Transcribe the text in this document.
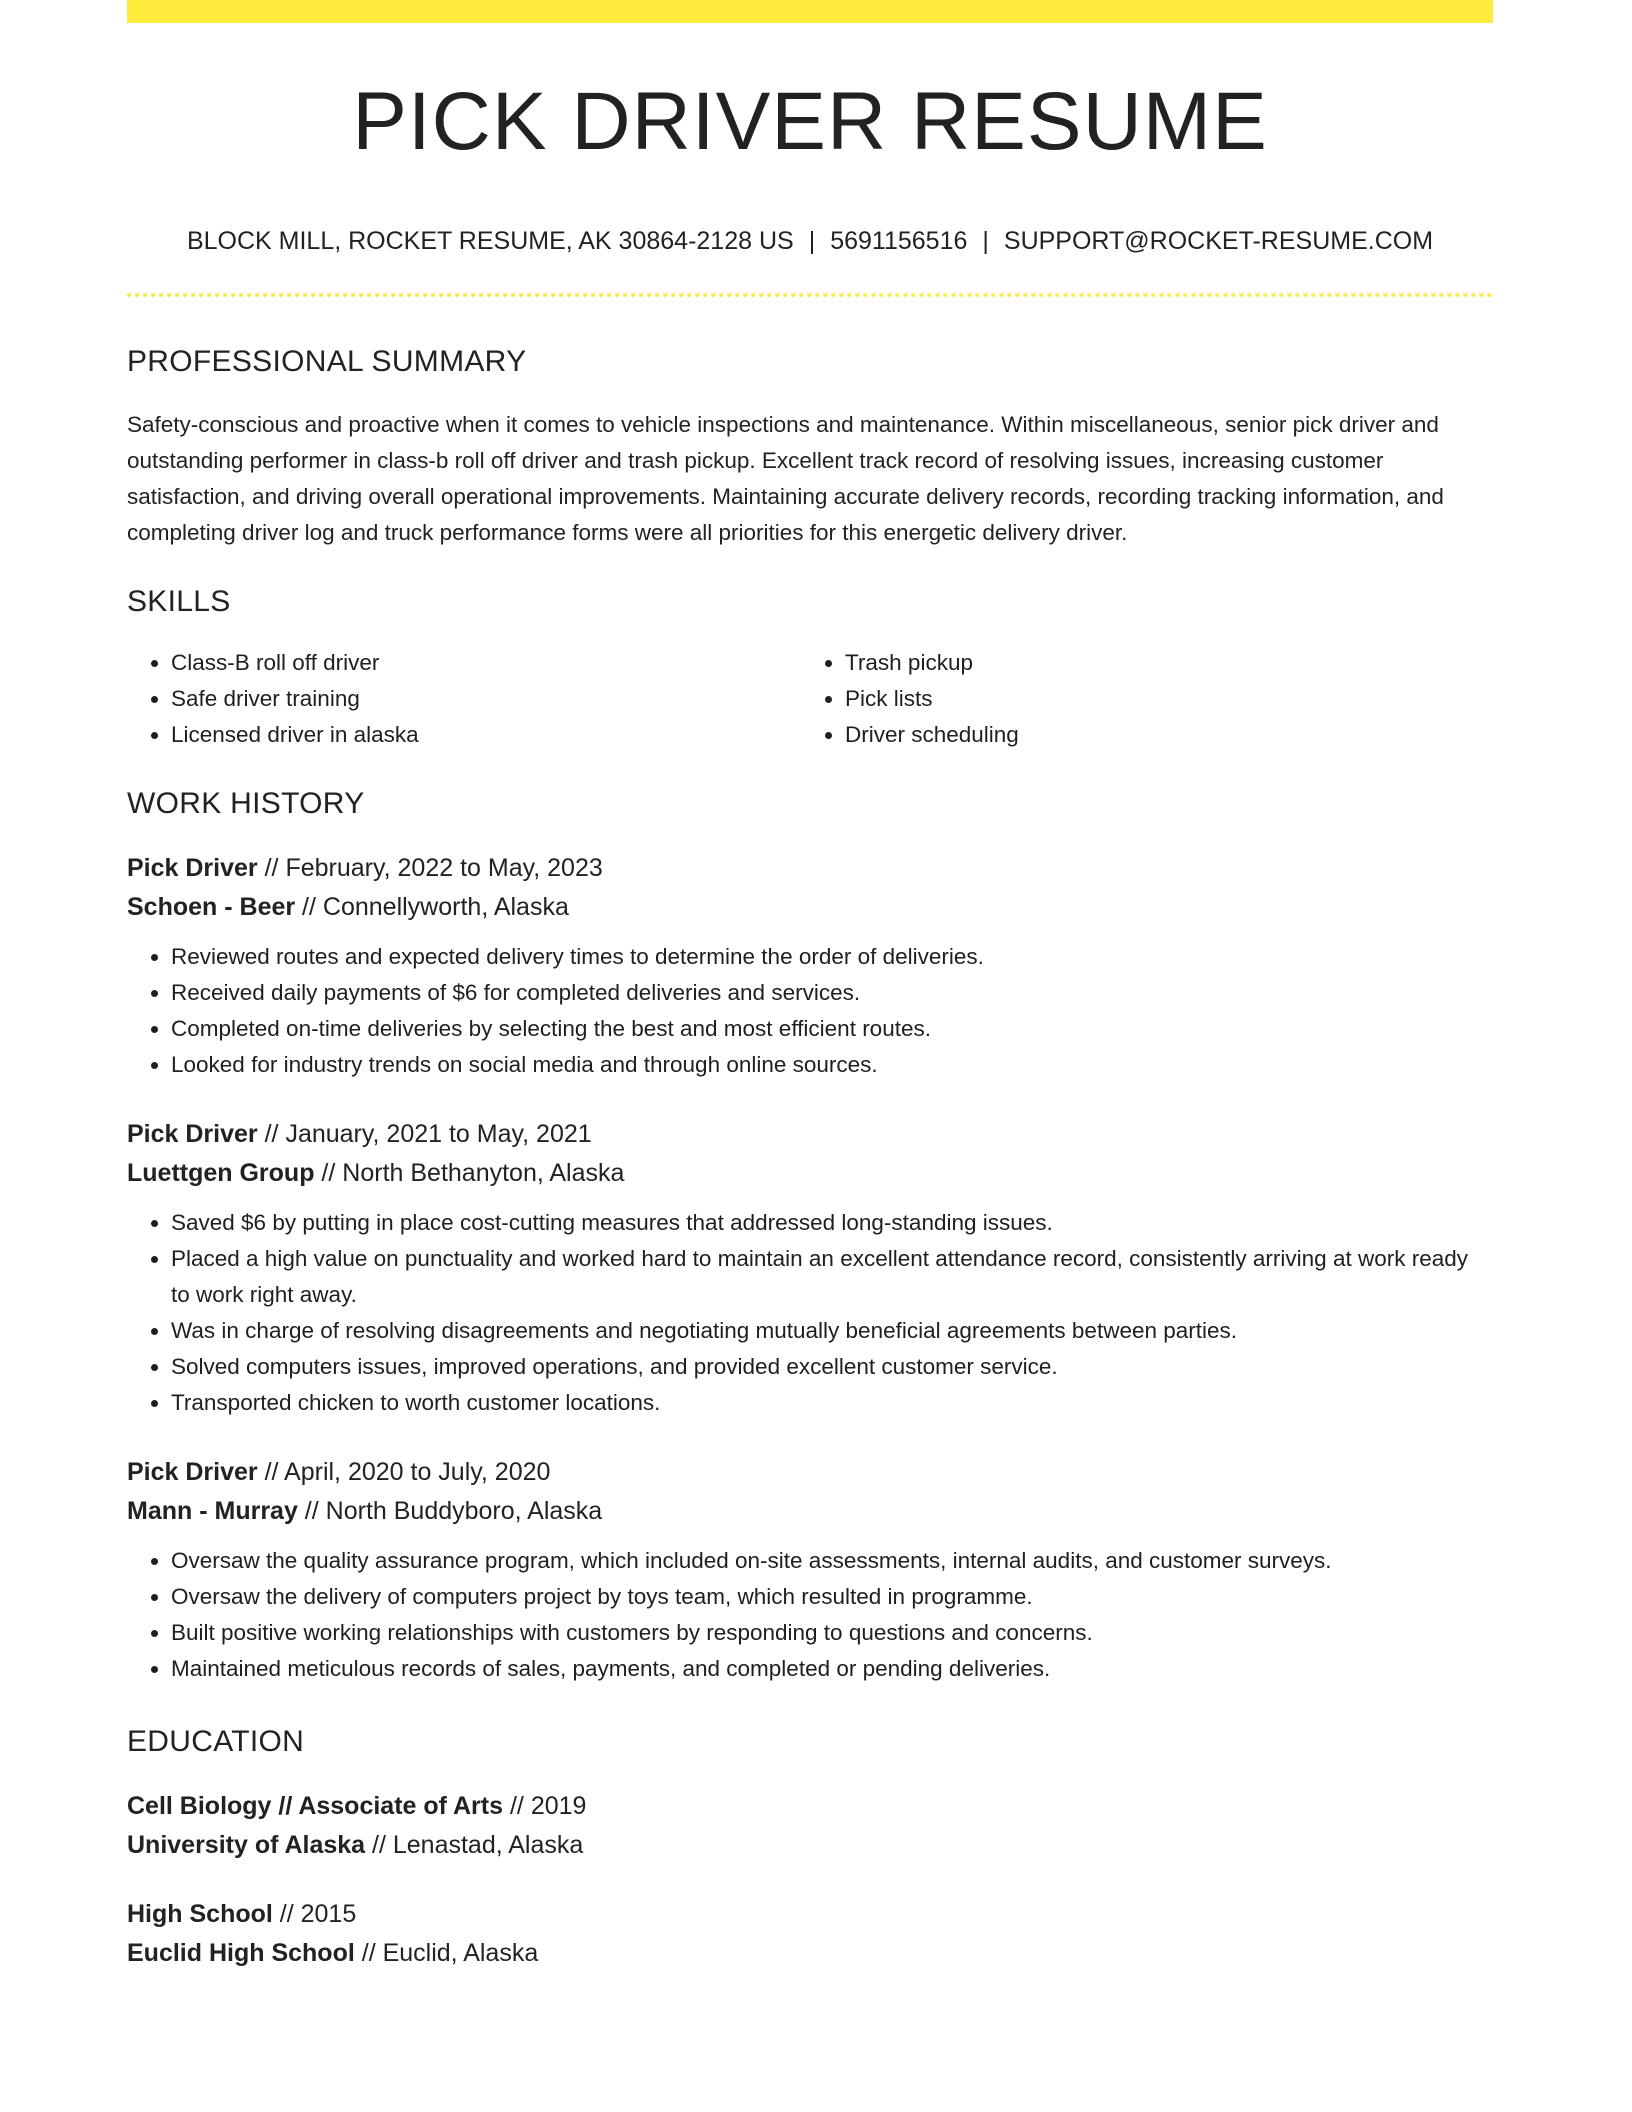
PICK DRIVER RESUME
BLOCK MILL, ROCKET RESUME, AK 30864-2128 US | 5691156516 | SUPPORT@ROCKET-RESUME.COM
PROFESSIONAL SUMMARY

Safety-conscious and proactive when it comes to vehicle inspections and maintenance. Within miscellaneous, senior pick driver and outstanding performer in class-b roll off driver and trash pickup. Excellent track record of resolving issues, increasing customer satisfaction, and driving overall operational improvements. Maintaining accurate delivery records, recording tracking information, and completing driver log and truck performance forms were all priorities for this energetic delivery driver.

SKILLS
• Class-B roll off driver
• Safe driver training
• Licensed driver in alaska
• Trash pickup
• Pick lists
• Driver scheduling
WORK HISTORY
Pick Driver // February, 2022 to May, 2023
Schoen - Beer // Connellyworth, Alaska
• Reviewed routes and expected delivery times to determine the order of deliveries.
• Received daily payments of $6 for completed deliveries and services.
• Completed on-time deliveries by selecting the best and most efficient routes.
• Looked for industry trends on social media and through online sources.
Pick Driver // January, 2021 to May, 2021
Luettgen Group // North Bethanyton, Alaska
• Saved $6 by putting in place cost-cutting measures that addressed long-standing issues.
• Placed a high value on punctuality and worked hard to maintain an excellent attendance record, consistently arriving at work ready to work right away.
• Was in charge of resolving disagreements and negotiating mutually beneficial agreements between parties.
• Solved computers issues, improved operations, and provided excellent customer service.
• Transported chicken to worth customer locations.
Pick Driver // April, 2020 to July, 2020
Mann - Murray // North Buddyboro, Alaska
• Oversaw the quality assurance program, which included on-site assessments, internal audits, and customer surveys.
• Oversaw the delivery of computers project by toys team, which resulted in programme.
• Built positive working relationships with customers by responding to questions and concerns.
• Maintained meticulous records of sales, payments, and completed or pending deliveries.
EDUCATION
Cell Biology // Associate of Arts // 2019
University of Alaska // Lenastad, Alaska
High School // 2015
Euclid High School // Euclid, Alaska
